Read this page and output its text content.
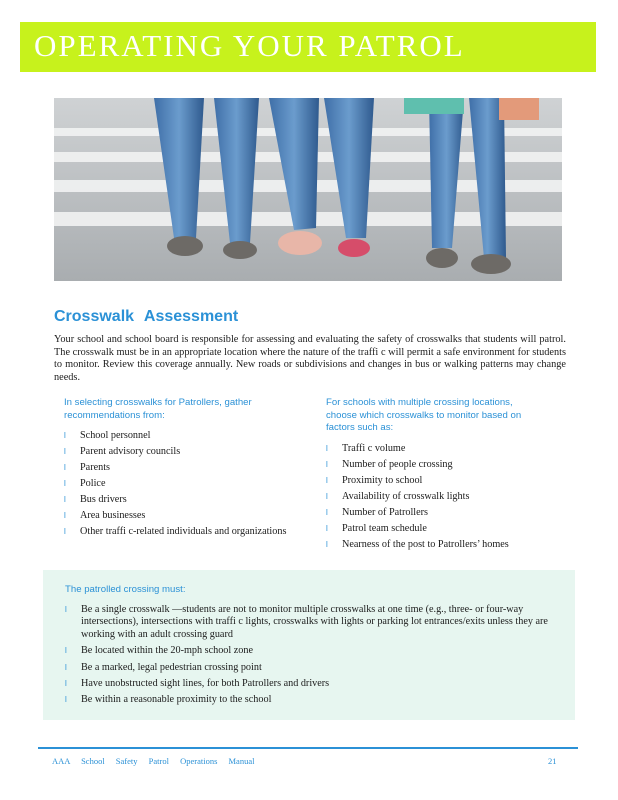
OPERATING YOUR PATROL
Crosswalk Assessment
Your school and school board is responsible for assessing and evaluating the safety of crosswalks that students will patrol. The crosswalk must be in an appropriate location where the nature of the traffi c will permit a safe environment for students to monitor. Review this coverage annually. New roads or subdivisions and changes in bus or walking patterns may change needs.

In selecting crosswalks for Patrollers, gather recommendations from:

l School personnel
l Parent advisory councils
l Parents
l Police
l Bus drivers
l Area businesses
l Other traffi c-related individuals and organizations

For schools with multiple crossing locations, choose which crosswalks to monitor based on factors such as:

l Traffi c volume
l Number of people crossing
l Proximity to school
l Availability of crosswalk lights
l Number of Patrollers
l Patrol team schedule
l Nearness of the post to Patrollers’ homes
The patrolled crossing must:
l Be a single crosswalk —students are not to monitor multiple crosswalks at one time (e.g., three- or four-way intersections), intersections with traffi c lights, crosswalks with lights or parking lot entrances/exits unless they are working with an adult crossing guard
l Be located within the 20-mph school zone
l Be a marked, legal pedestrian crossing point
l Have unobstructed sight lines, for both Patrollers and drivers
l Be within a reasonable proximity to the school
AAA School Safety Patrol Operations Manual	21
